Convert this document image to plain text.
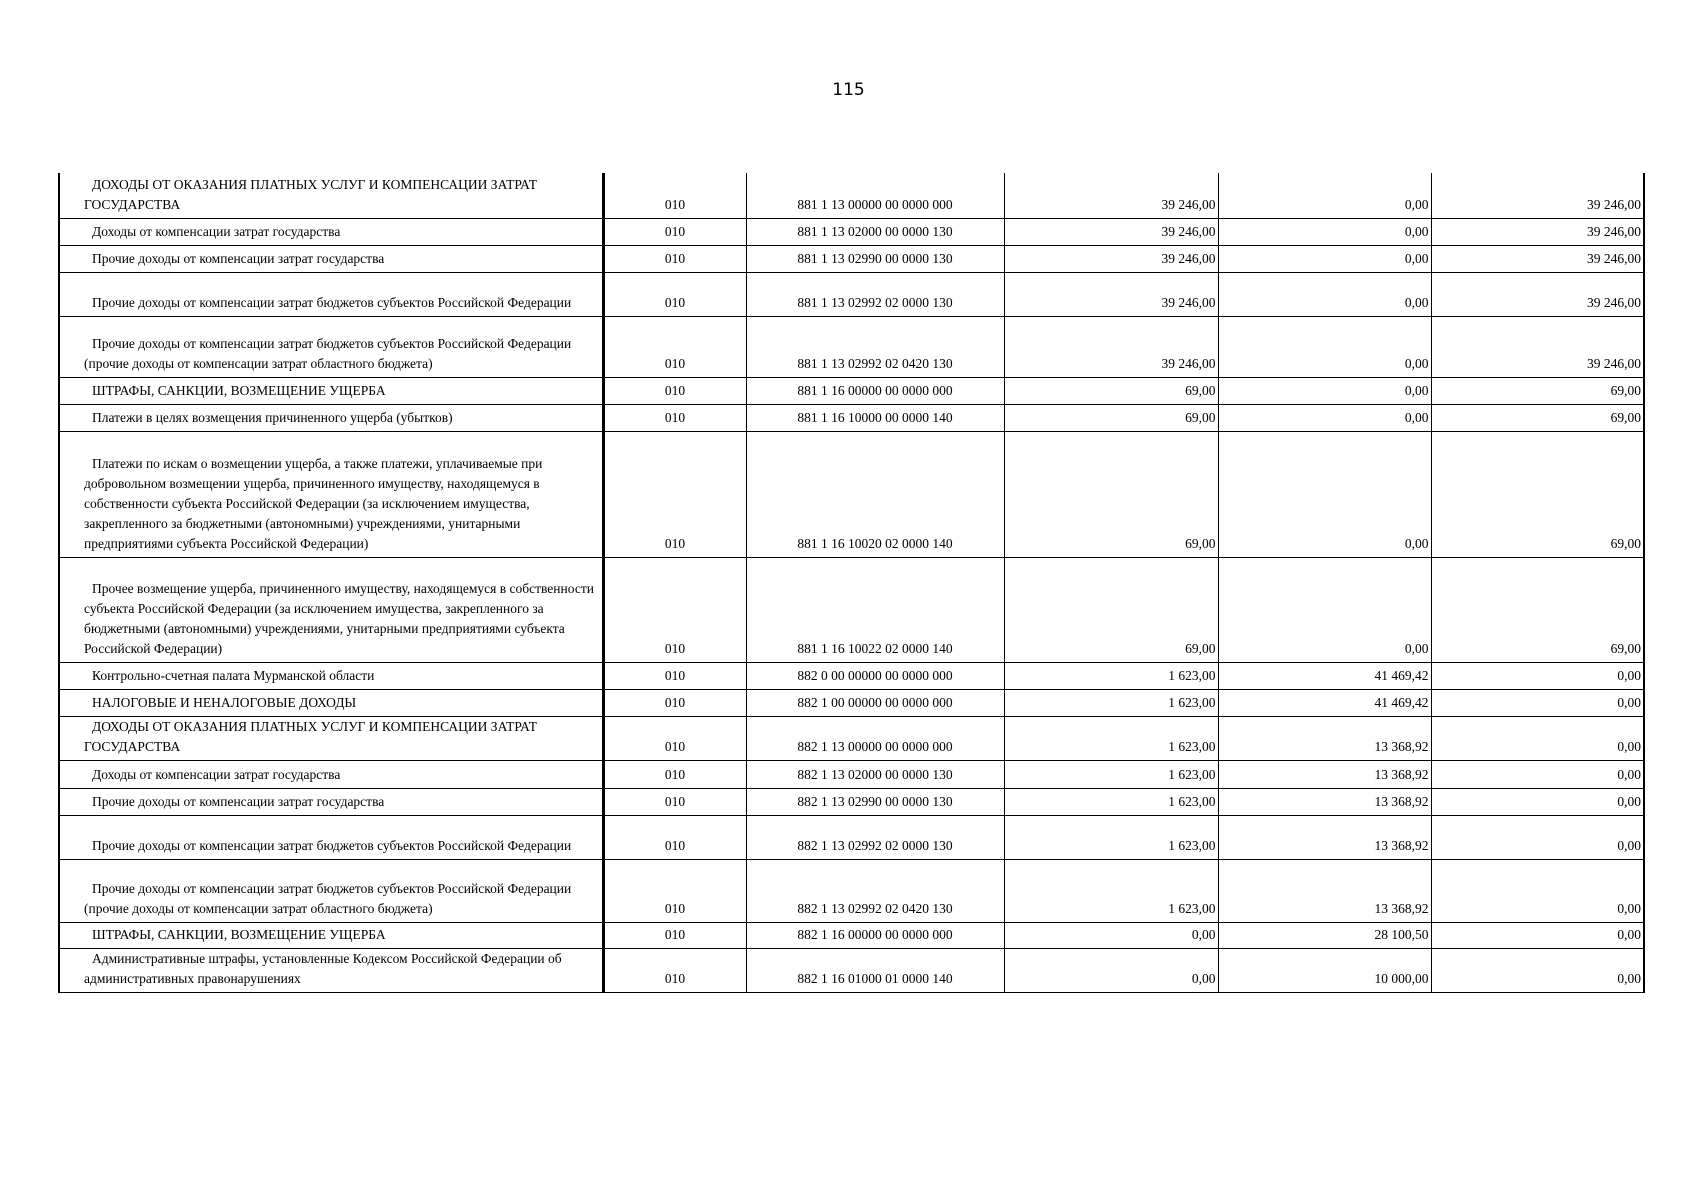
115
ДОХОДЫ ОТ ОКАЗАНИЯ ПЛАТНЫХ УСЛУГ И КОМПЕНСАЦИИ ЗАТРАТ ГОСУДАРСТВА	010	881 1 13 00000 00 0000 000	39 246,00	0,00	39 246,00

Доходы от компенсации затрат государства	010	881 1 13 02000 00 0000 130	39 246,00	0,00	39 246,00

Прочие доходы от компенсации затрат государства	010	881 1 13 02990 00 0000 130	39 246,00	0,00	39 246,00

Прочие доходы от компенсации затрат бюджетов субъектов Российской Федерации	010	881 1 13 02992 02 0000 130	39 246,00	0,00	39 246,00

Прочие доходы от компенсации затрат бюджетов субъектов Российской Федерации (прочие доходы от компенсации затрат областного бюджета)	010	881 1 13 02992 02 0420 130	39 246,00	0,00	39 246,00

ШТРАФЫ, САНКЦИИ, ВОЗМЕЩЕНИЕ УЩЕРБА	010	881 1 16 00000 00 0000 000	69,00	0,00	69,00

Платежи в целях возмещения причиненного ущерба (убытков)	010	881 1 16 10000 00 0000 140	69,00	0,00	69,00

Платежи по искам о возмещении ущерба, а также платежи, уплачиваемые при добровольном возмещении ущерба, причиненного имуществу, находящемуся в собственности субъекта Российской Федерации (за исключением имущества, закрепленного за бюджетными (автономными) учреждениями, унитарными предприятиями субъекта Российской Федерации)	010	881 1 16 10020 02 0000 140	69,00	0,00	69,00

Прочее возмещение ущерба, причиненного имуществу, находящемуся в собственности субъекта Российской Федерации (за исключением имущества, закрепленного за бюджетными (автономными) учреждениями, унитарными предприятиями субъекта Российской Федерации)	010	881 1 16 10022 02 0000 140	69,00	0,00	69,00

Контрольно-счетная палата Мурманской области	010	882 0 00 00000 00 0000 000	1 623,00	41 469,42	0,00

НАЛОГОВЫЕ И НЕНАЛОГОВЫЕ ДОХОДЫ	010	882 1 00 00000 00 0000 000	1 623,00	41 469,42	0,00

ДОХОДЫ ОТ ОКАЗАНИЯ ПЛАТНЫХ УСЛУГ И КОМПЕНСАЦИИ ЗАТРАТ ГОСУДАРСТВА	010	882 1 13 00000 00 0000 000	1 623,00	13 368,92	0,00

Доходы от компенсации затрат государства	010	882 1 13 02000 00 0000 130	1 623,00	13 368,92	0,00

Прочие доходы от компенсации затрат государства	010	882 1 13 02990 00 0000 130	1 623,00	13 368,92	0,00

Прочие доходы от компенсации затрат бюджетов субъектов Российской Федерации	010	882 1 13 02992 02 0000 130	1 623,00	13 368,92	0,00

Прочие доходы от компенсации затрат бюджетов субъектов Российской Федерации (прочие доходы от компенсации затрат областного бюджета)	010	882 1 13 02992 02 0420 130	1 623,00	13 368,92	0,00

ШТРАФЫ, САНКЦИИ, ВОЗМЕЩЕНИЕ УЩЕРБА	010	882 1 16 00000 00 0000 000	0,00	28 100,50	0,00

Административные штрафы, установленные Кодексом Российской Федерации об административных правонарушениях	010	882 1 16 01000 01 0000 140	0,00	10 000,00	0,00
